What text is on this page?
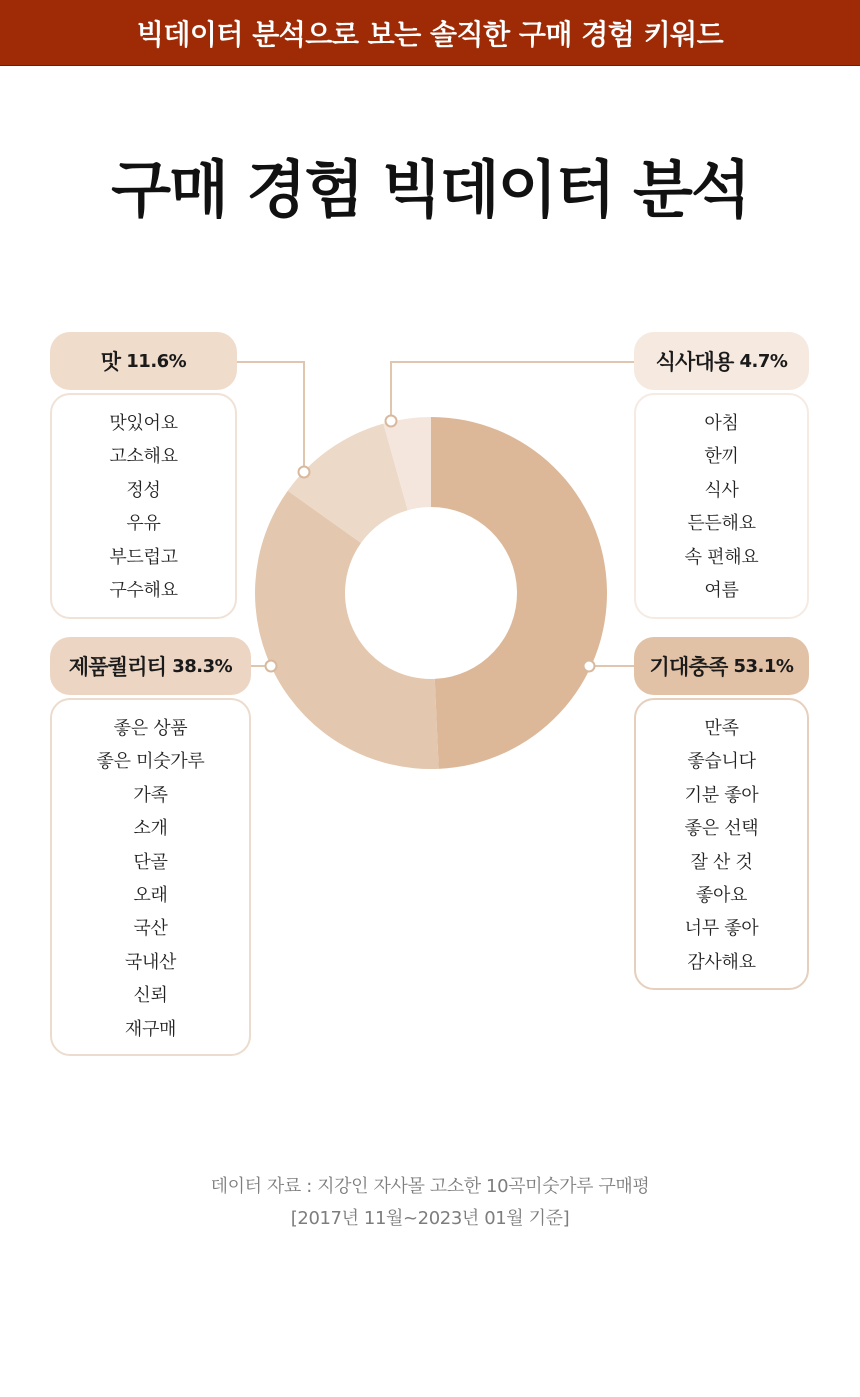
빅데이터 분석으로 보는 솔직한 구매 경험 키워드
구매 경험 빅데이터 분석
맛 11.6%
맛있어요
고소해요
정성
우유
부드럽고
구수해요
식사대용 4.7%
아침
한끼
식사
든든해요
속 편해요
여름
제품퀄리티 38.3%
좋은 상품
좋은 미숫가루
가족
소개
단골
오래
국산
국내산
신뢰
재구매
기대충족 53.1%
만족
좋습니다
기분 좋아
좋은 선택
잘 산 것
좋아요
너무 좋아
감사해요
데이터 자료 : 지강인 자사몰 고소한 10곡미숫가루 구매평
[2017년 11월~2023년 01월 기준]
